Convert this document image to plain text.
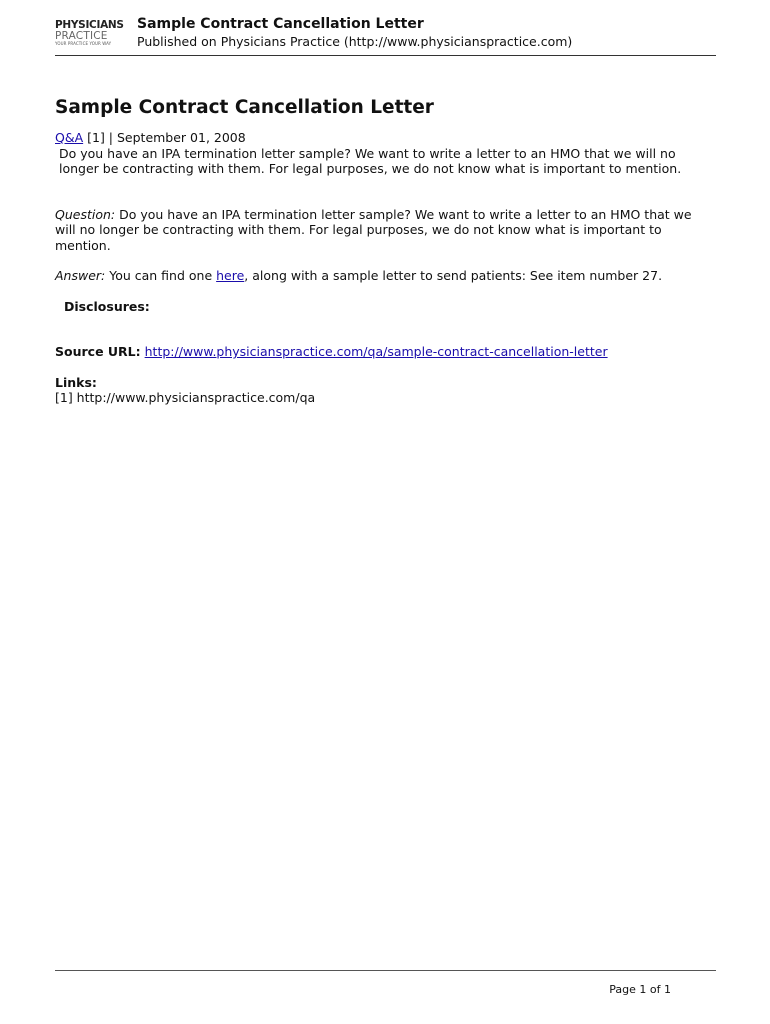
PHYSICIANS
PRACTICE
YOUR PRACTICE YOUR WAY
Sample Contract Cancellation Letter
Published on Physicians Practice (http://www.physicianspractice.com)
Sample Contract Cancellation Letter
Q&A [1] | September 01, 2008
Do you have an IPA termination letter sample? We want to write a letter to an HMO that we will no longer be contracting with them. For legal purposes, we do not know what is important to mention.
Question: Do you have an IPA termination letter sample? We want to write a letter to an HMO that we will no longer be contracting with them. For legal purposes, we do not know what is important to mention.
Answer: You can find one here, along with a sample letter to send patients: See item number 27.
Disclosures:
Source URL: http://www.physicianspractice.com/qa/sample-contract-cancellation-letter
Links:
[1] http://www.physicianspractice.com/qa
Page 1 of 1
